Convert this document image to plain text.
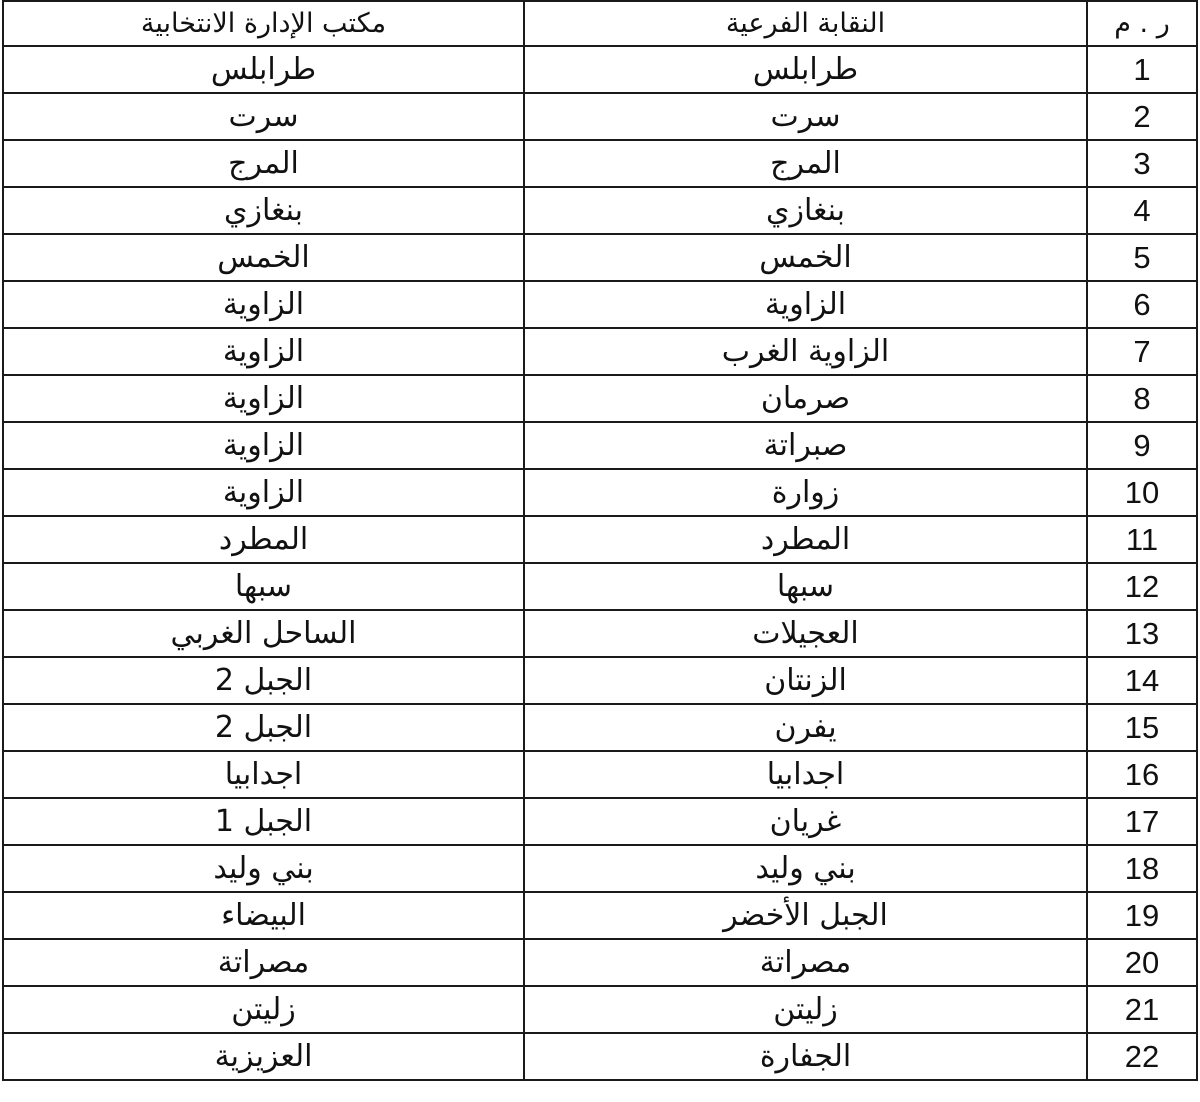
مكتب الإدارة الانتخابية	النقابة الفرعية	ر . م
طرابلس	طرابلس	1
سرت	سرت	2
المرج	المرج	3
بنغازي	بنغازي	4
الخمس	الخمس	5
الزاوية	الزاوية	6
الزاوية	الزاوية الغرب	7
الزاوية	صرمان	8
الزاوية	صبراتة	9
الزاوية	زوارة	10
المطرد	المطرد	11
سبها	سبها	12
الساحل الغربي	العجيلات	13
الجبل 2	الزنتان	14
الجبل 2	يفرن	15
اجدابيا	اجدابيا	16
الجبل 1	غريان	17
بني وليد	بني وليد	18
البيضاء	الجبل الأخضر	19
مصراتة	مصراتة	20
زليتن	زليتن	21
العزيزية	الجفارة	22
